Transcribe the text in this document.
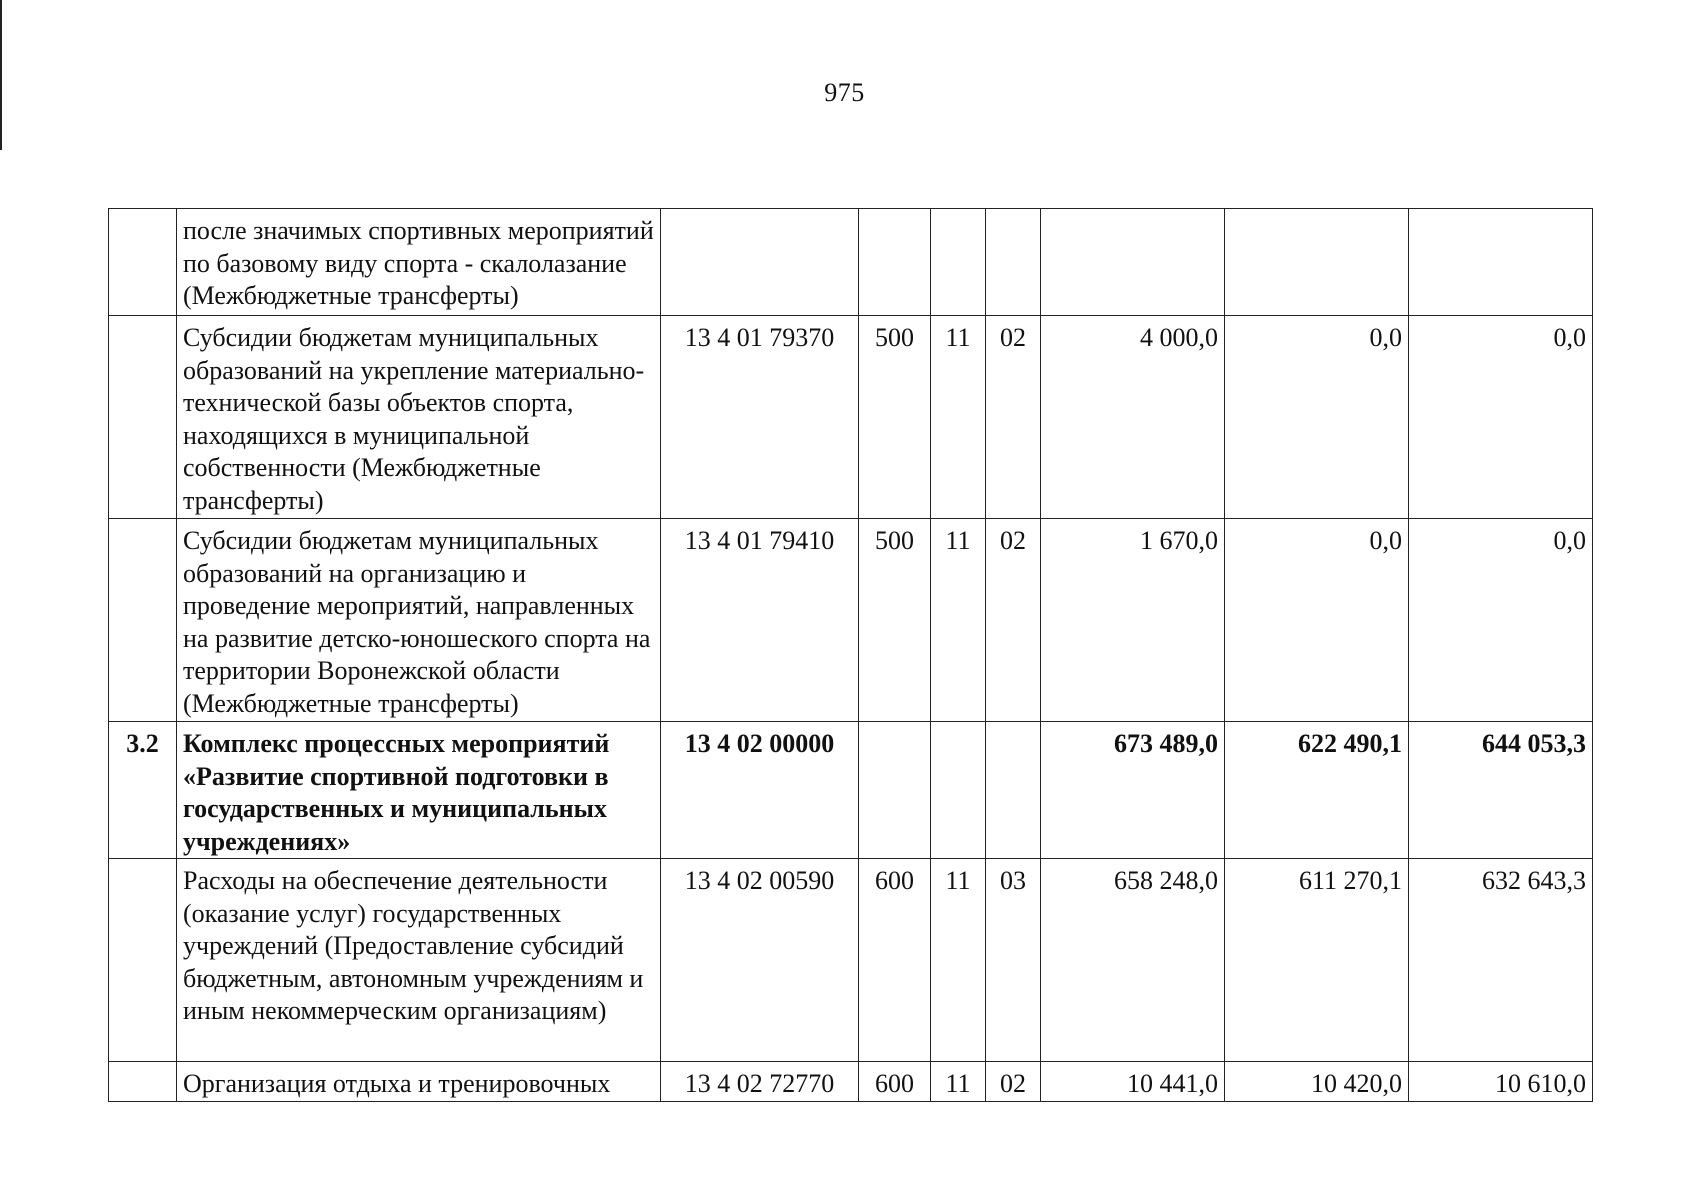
975
	после значимых спортивных мероприятий по базовому виду спорта - скалолазание (Межбюджетные трансферты)							
	Субсидии бюджетам муниципальных образований на укрепление материально-технической базы объектов спорта, находящихся в муниципальной собственности (Межбюджетные трансферты)	13 4 01 79370	500	11	02	4 000,0	0,0	0,0
	Субсидии бюджетам муниципальных образований на организацию и проведение мероприятий, направленных на развитие детско-юношеского спорта на территории Воронежской области (Межбюджетные трансферты)	13 4 01 79410	500	11	02	1 670,0	0,0	0,0
3.2	Комплекс процессных мероприятий «Развитие спортивной подготовки в государственных и муниципальных учреждениях»	13 4 02 00000				673 489,0	622 490,1	644 053,3
	Расходы на обеспечение деятельности (оказание услуг) государственных учреждений (Предоставление субсидий бюджетным, автономным учреждениям и иным некоммерческим организациям)	13 4 02 00590	600	11	03	658 248,0	611 270,1	632 643,3
	Организация отдыха и тренировочных	13 4 02 72770	600	11	02	10 441,0	10 420,0	10 610,0
